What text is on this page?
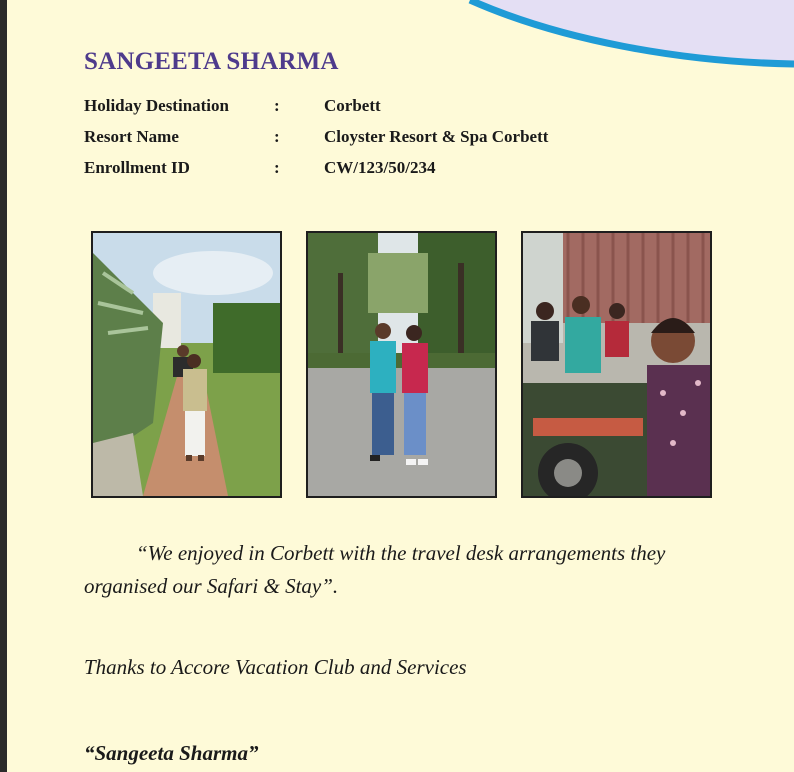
SANGEETA SHARMA
Holiday Destination	:	Corbett
Resort Name	:	Cloyster Resort & Spa Corbett
Enrollment ID	:	CW/123/50/234
“We enjoyed in Corbett with the travel desk arrangements they organised our Safari & Stay”.
Thanks to Accore Vacation Club and Services
“Sangeeta Sharma”
